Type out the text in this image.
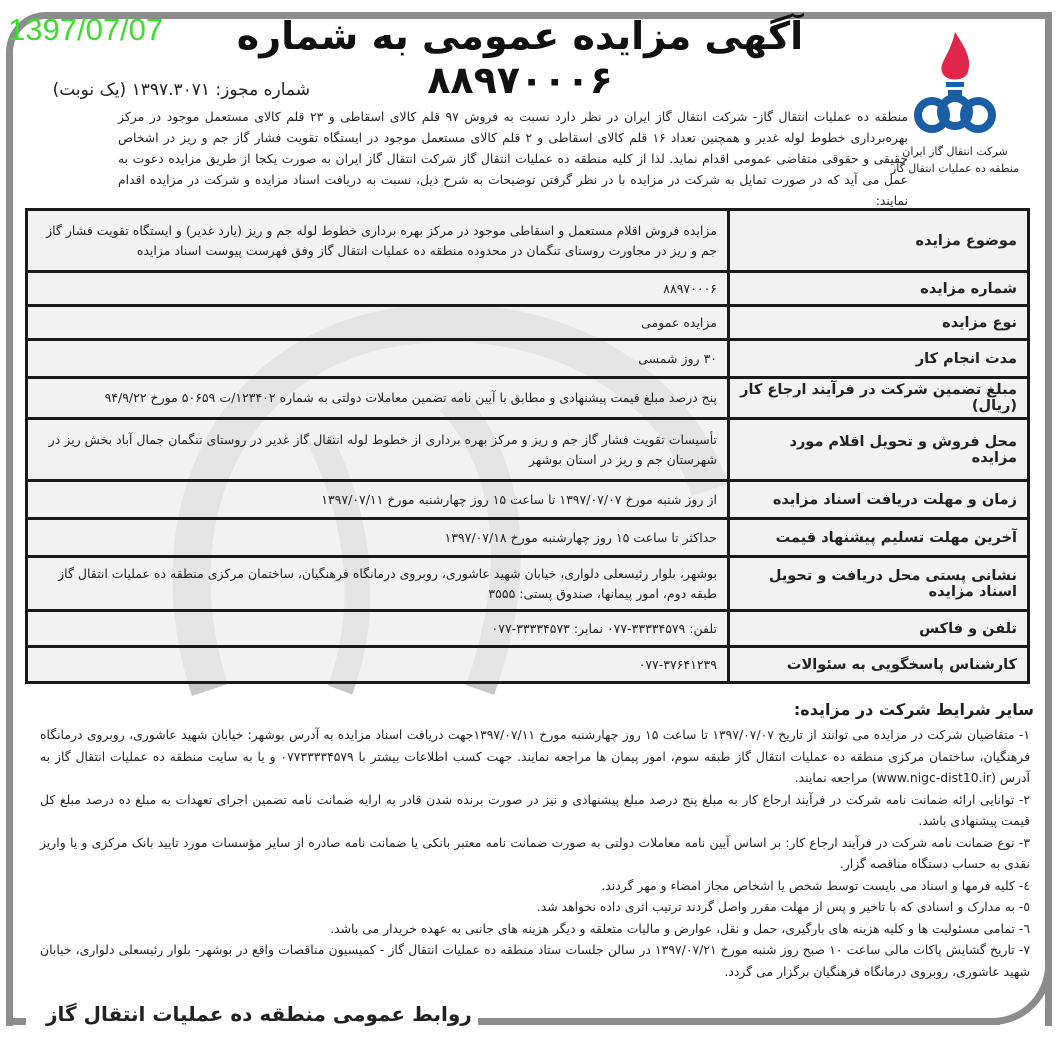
1397/07/07	آگهی مزایده عمومی به شماره ۸۸۹۷۰۰۰۶
شماره مجوز: ۱۳۹۷.۳۰۷۱ (یک نوبت)
شرکت انتقال گاز ایران
منطقه ده عملیات انتقال گاز
منطقه ده عملیات انتقال گاز- شرکت انتقال گاز ایران در نظر دارد نسبت به فروش ۹۷ قلم کالای اسقاطی و ۲۳ قلم کالای مستعمل موجود در مرکز بهره‌برداری خطوط لوله غدیر و همچنین تعداد ۱۶ قلم کالای اسقاطی و ۲ قلم کالای مستعمل موجود در ایستگاه تقویت فشار گاز جم و ریز در اشخاص حقیقی و حقوقی متقاضی عمومی اقدام نماید. لذا از کلیه منطقه ده عملیات انتقال گاز شرکت انتقال گاز ایران به صورت یکجا از طریق مزایده دعوت به عمل می آید که در صورت تمایل به شرکت در مزایده با در نظر گرفتن توضیحات به شرح ذیل، نسبت به دریافت اسناد مزایده و شرکت در مزایده اقدام نمایند:
موضوع مزایده	مزایده فروش اقلام مستعمل و اسقاطی موجود در مرکز بهره برداری خطوط لوله جم و ریز (یارد غدیر) و ایستگاه تقویت فشار گاز جم و ریز در مجاورت روستای تنگمان در محدوده منطقه ده عملیات انتقال گاز وفق فهرست پیوست اسناد مزایده
شماره مزایده	۸۸۹۷۰۰۰۶
نوع مزایده	مزایده عمومی
مدت انجام کار	۳۰ روز شمسی
مبلغ تضمین شرکت در فرآیند ارجاع کار (ریال)	پنج درصد مبلغ قیمت پیشنهادی و مطابق با آیین نامه تضمین معاملات دولتی به شماره ۱۲۳۴۰۲/ت ۵۰۶۵۹ مورخ ۹۴/۹/۲۲
محل فروش و تحویل اقلام مورد مزایده	تأسیسات تقویت فشار گاز جم و ریز و مرکز بهره برداری از خطوط لوله انتقال گاز غدیر در روستای تنگمان جمال آباد بخش ریز در شهرستان جم و ریز در استان بوشهر
زمان و مهلت دریافت اسناد مزایده	از روز شنبه مورخ ۱۳۹۷/۰۷/۰۷ تا ساعت ۱۵ روز چهارشنبه مورخ ۱۳۹۷/۰۷/۱۱
آخرین مهلت تسلیم پیشنهاد قیمت	حداکثر تا ساعت ۱۵ روز چهارشنبه مورخ ۱۳۹۷/۰۷/۱۸
نشانی پستی محل دریافت و تحویل اسناد مزایده	بوشهر، بلوار رئیسعلی دلواری، خیابان شهید عاشوری، روبروی درمانگاه فرهنگیان، ساختمان مرکزی منطقه ده عملیات انتقال گاز طبقه دوم، امور پیمانها، صندوق پستی: ۳۵۵۵
تلفن و فاکس	تلفن: ۳۳۳۳۴۵۷۹-۰۷۷ نمابر: ۳۳۳۳۴۵۷۳-۰۷۷
کارشناس پاسخگویی به سئوالات	۰۷۷-۳۷۶۴۱۲۳۹
سایر شرایط شرکت در مزایده:

۱- متقاضیان شرکت در مزایده می توانند از تاریخ ۱۳۹۷/۰۷/۰۷ تا ساعت ۱۵ روز چهارشنبه مورخ ۱۳۹۷/۰۷/۱۱جهت دریافت اسناد مزایده به آدرس بوشهر: خیابان شهید عاشوری، روبروی درمانگاه فرهنگیان، ساختمان مرکزی منطقه ده عملیات انتقال گاز طبقه سوم، امور پیمان ها مراجعه نمایند. جهت کسب اطلاعات بیشتر با ۰۷۷۳۳۳۳۴۵۷۹ و یا به سایت منطقه ده عملیات انتقال گاز به آدرس (www.nigc-dist10.ir) مراجعه نمایند.

۲- توانایی ارائه ضمانت نامه شرکت در فرآیند ارجاع کار به مبلغ پنج درصد مبلغ پیشنهادی و نیز در صورت برنده شدن قادر به ارایه ضمانت نامه تضمین اجرای تعهدات به مبلغ ده درصد مبلغ کل قیمت پیشنهادی باشد.

۳- نوع ضمانت نامه شرکت در فرآیند ارجاع کار: بر اساس آیین نامه معاملات دولتی به صورت ضمانت نامه معتبر بانکی یا ضمانت نامه صادره از سایر مؤسسات مورد تایید بانک مرکزی و یا واریز نقدی به حساب دستگاه مناقصه گزار.

٤- کلیه فرمها و اسناد می بایست توسط شخص یا اشخاص مجاز امضاء و مهر گردند.

٥- به مدارک و اسنادی که با تاخیر و پس از مهلت مقرر واصل گردند ترتیب اثری داده نخواهد شد.

٦- تمامی مسئولیت ها و کلیه هزینه های بارگیری، حمل و نقل، عوارض و مالیات متعلقه و دیگر هزینه های جانبی به عهده خریدار می باشد.

۷- تاریخ گشایش پاکات مالی ساعت ۱۰ صبح روز شنبه مورخ ۱۳۹۷/۰۷/۲۱ در سالن جلسات ستاد منطقه ده عملیات انتقال گاز - کمیسیون مناقصات واقع در بوشهر- بلوار رئیسعلی دلواری، خیابان شهید عاشوری، روبروی درمانگاه فرهنگیان برگزار می گردد.

روابط عمومی منطقه ده عملیات انتقال گاز
